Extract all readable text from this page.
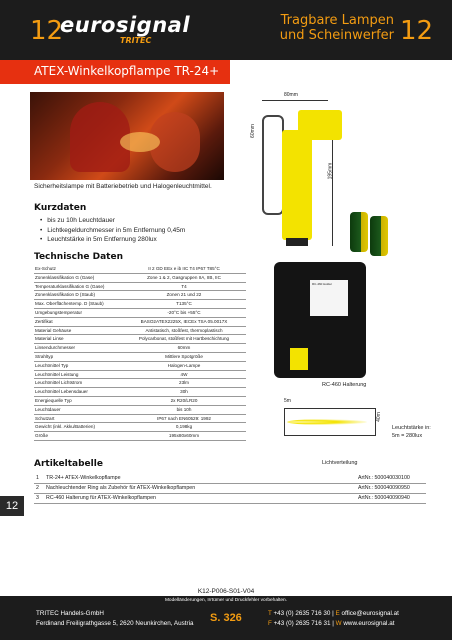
12
eurosignal
TRITEC
Tragbare Lampen
und Scheinwerfer 12
ATEX-Winkelkopflampe TR-24+
Sicherheitslampe mit Batteriebetrieb und Halogenleuchtmittel.
Kurzdaten
• bis zu 10h Leuchtdauer
• Lichtkegeldurchmesser in 5m Entfernung 0,45m
• Leuchtstärke in 5m Entfernung 280lux
Technische Daten
Ex-Schutz	II 2 GD EEx e ib IIC T4 IP67 T85°C
Zonenklassifikation G (Gase)	Zone 1 & 2, Gasgruppen IIA, IIB, IIC
Temperaturklassifikation G (Gase)	T4
Zonenklassifikation D (Staub)	Zonen 21 und 22
Max. Oberflächentemp. D (Staub)	T135°C
Umgebungstemperatur	-20°C bis +55°C
Zertifikat	BASO2ATEX2225X, IECEx TSA 05.0017X
Material Gehäuse	Antistatisch, stoßfest, thermoplastisch
Material Linse	Polycarbonat, stoßfest mit Hartbeschichtung
Linsendurchmesser	60mm
Strahltyp	Mittlere Spotgröße
Leuchtmittel Typ	Halogen-Lampe
Leuchtmittel Leistung	4W
Leuchtmittel Lichtstrom	23lm
Leuchtmittel Lebensdauer	30h
Energiequelle Typ	2x R20/LR20
Leuchtdauer	bis 10h
Schutzart	IP67 nach EN60529: 1992
Gewicht (inkl. Akku/Batterien)	0,198kg
Größe	195x80x60mm
80mm
60mm
195mm
RC-460 Holder
RC-460 Halterung
5m
40m
Leuchtstärke in:
5m = 280lux
Lichtverteilung
Artikeltabelle
1	TR-24+ ATEX-Winkelkopflampe	ArtNr.: 500040030100
2	Nachleuchtender Ring als Zubehör für ATEX-Winkelkopflampen	ArtNr.: 500040090950
3	RC-460 Halterung für ATEX-Winkelkopflampen	ArtNr.: 500040090940
12
K12-P006-S01-V04
Modelländerungen, Irrtümer und Druckfehler vorbehalten.
TRITEC Handels-GmbH
Ferdinand Freiligrathgasse 5, 2620 Neunkirchen, Austria S. 326	T +43 (0) 2635 716 30 | E office@eurosignal.at
F +43 (0) 2635 716 31 | W www.eurosignal.at
